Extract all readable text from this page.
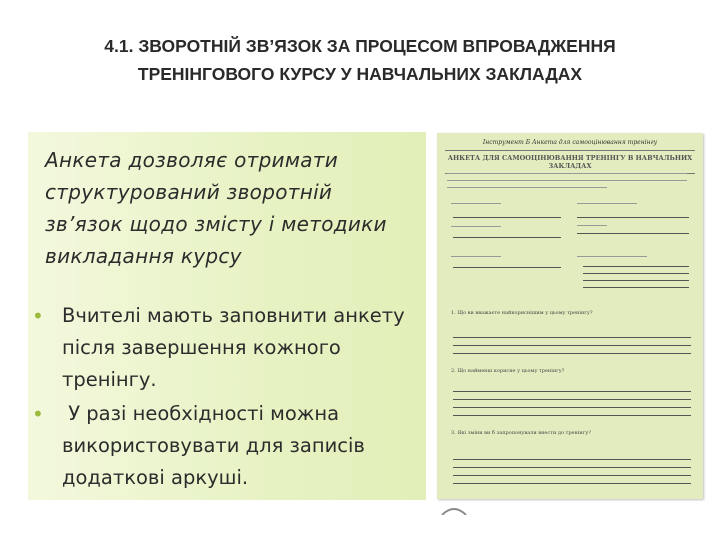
4.1. ЗВОРОТНІЙ ЗВ’ЯЗОК ЗА ПРОЦЕСОМ ВПРОВАДЖЕННЯ
ТРЕНІНГОВОГО КУРСУ У НАВЧАЛЬНИХ ЗАКЛАДАХ
Анкета дозволяє отримати
структурований зворотній
зв’язок щодо змісту і методики
викладання курсу
• Вчителі мають заповнити анкету
після завершення кожного
тренінгу.
• У разі необхідності можна
використовувати для записів
додаткові аркуші.
Інструмент Б Анкета для самооцінювання тренінгу
АНКЕТА ДЛЯ САМООЦІНЮВАННЯ ТРЕНІНГУ В НАВЧАЛЬНИХ ЗАКЛАДАХ
1. Що ви вважаєте найкориснішим у цьому тренінгу?
2. Що найменш корисне у цьому тренінгу?
3. Які зміни ви б запропонували внести до тренінгу?
